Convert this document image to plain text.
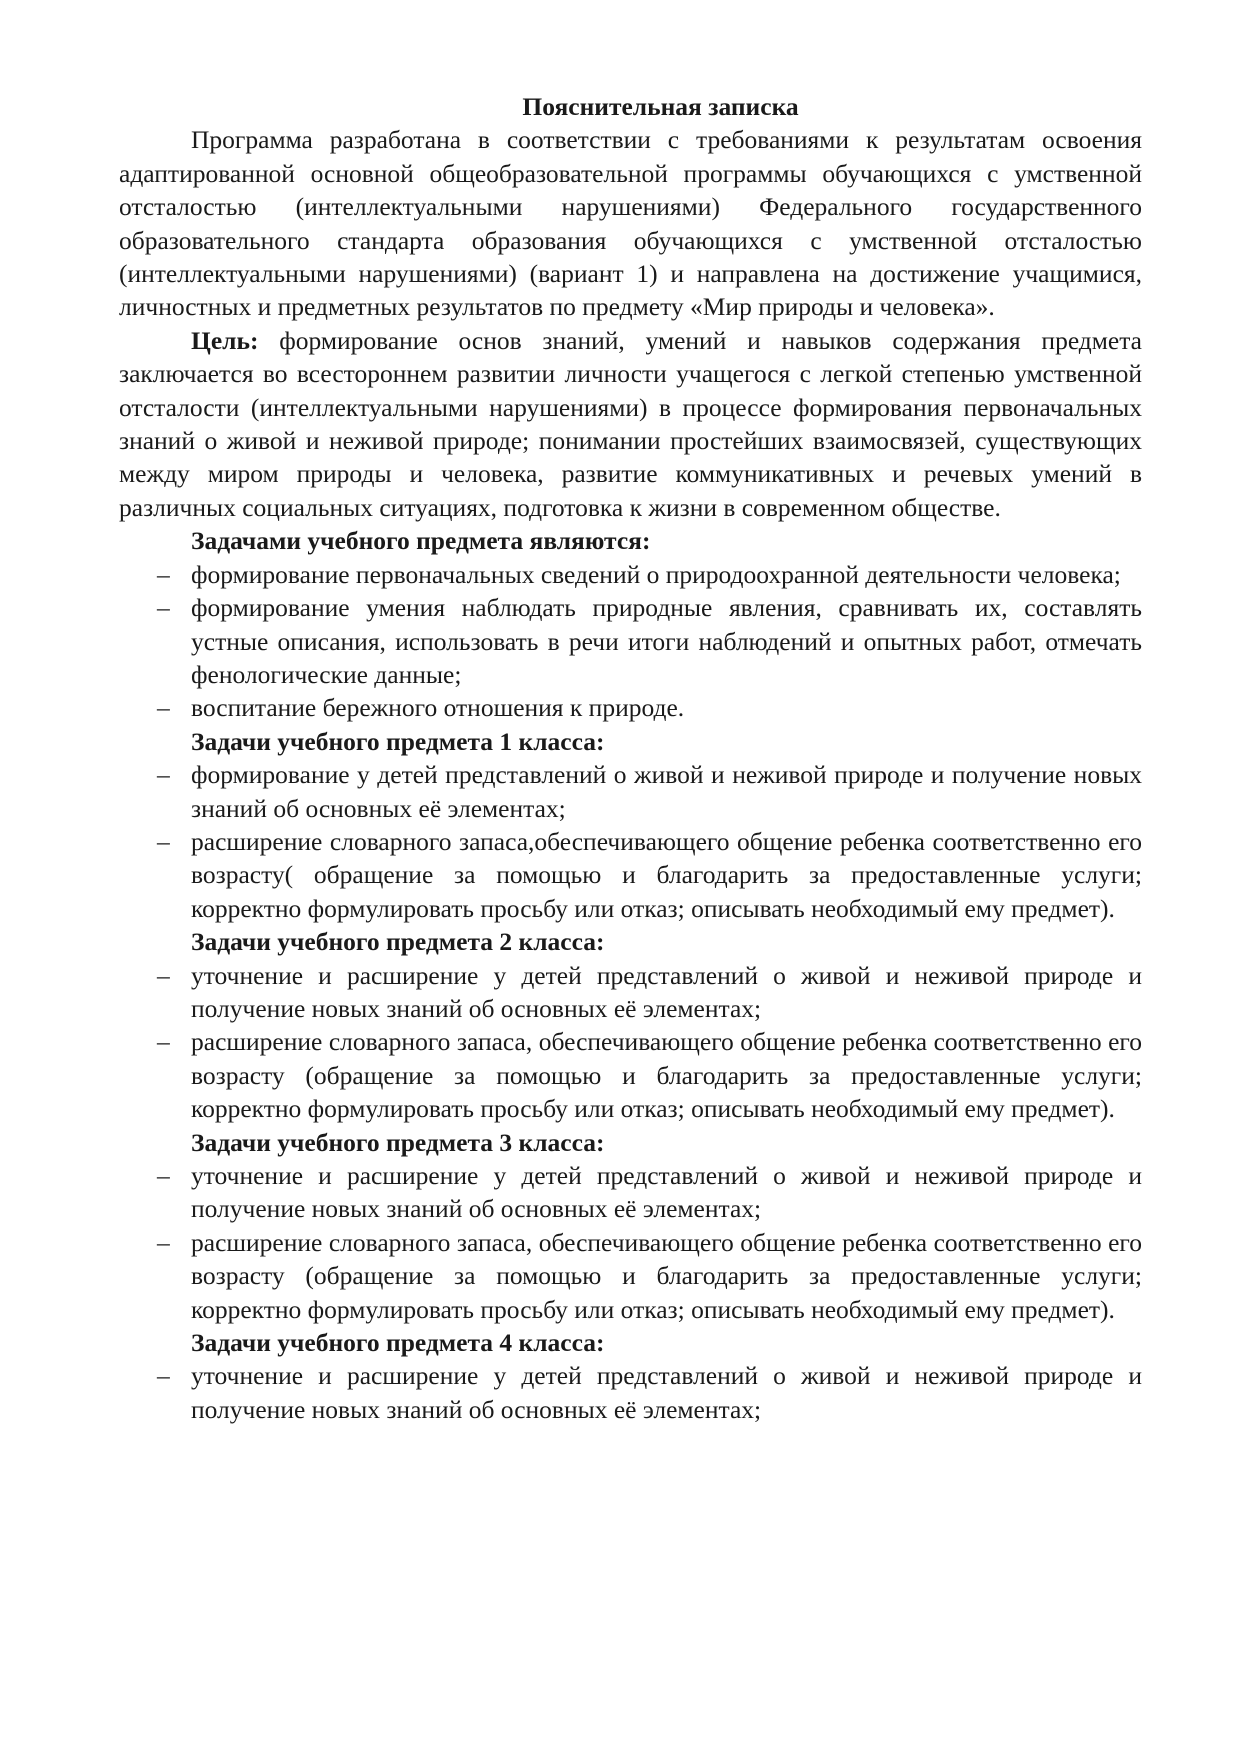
Пояснительная записка

Программа разработана в соответствии с требованиями к результатам освоения адаптированной основной общеобразовательной программы обучающихся с умственной отсталостью (интеллектуальными нарушениями) Федерального государственного образовательного стандарта образования обучающихся с умственной отсталостью (интеллектуальными нарушениями) (вариант 1) и направлена на достижение учащимися, личностных и предметных результатов по предмету «Мир природы и человека».

Цель: формирование основ знаний, умений и навыков содержания предмета заключается во всестороннем развитии личности учащегося с легкой степенью умственной отсталости (интеллектуальными нарушениями) в процессе формирования первоначальных знаний о живой и неживой природе; понимании простейших взаимосвязей, существующих между миром природы и человека, развитие коммуникативных и речевых умений в различных социальных ситуациях, подготовка к жизни в современном обществе.

Задачами учебного предмета являются:

– формирование первоначальных сведений о природоохранной деятельности человека;
– формирование умения наблюдать природные явления, сравнивать их, составлять устные описания, использовать в речи итоги наблюдений и опытных работ, отмечать фенологические данные;
– воспитание бережного отношения к природе.

Задачи учебного предмета 1 класса:

– формирование у детей представлений о живой и неживой природе и получение новых знаний об основных её элементах;
– расширение словарного запаса,обеспечивающего общение ребенка соответственно его возрасту( обращение за помощью и благодарить за предоставленные услуги; корректно формулировать просьбу или отказ; описывать необходимый ему предмет).

Задачи учебного предмета 2 класса:

– уточнение и расширение у детей представлений о живой и неживой природе и получение новых знаний об основных её элементах;
– расширение словарного запаса, обеспечивающего общение ребенка соответственно его возрасту (обращение за помощью и благодарить за предоставленные услуги; корректно формулировать просьбу или отказ; описывать необходимый ему предмет).

Задачи учебного предмета 3 класса:

– уточнение и расширение у детей представлений о живой и неживой природе и получение новых знаний об основных её элементах;
– расширение словарного запаса, обеспечивающего общение ребенка соответственно его возрасту (обращение за помощью и благодарить за предоставленные услуги; корректно формулировать просьбу или отказ; описывать необходимый ему предмет).

Задачи учебного предмета 4 класса:

– уточнение и расширение у детей представлений о живой и неживой природе и получение новых знаний об основных её элементах;
